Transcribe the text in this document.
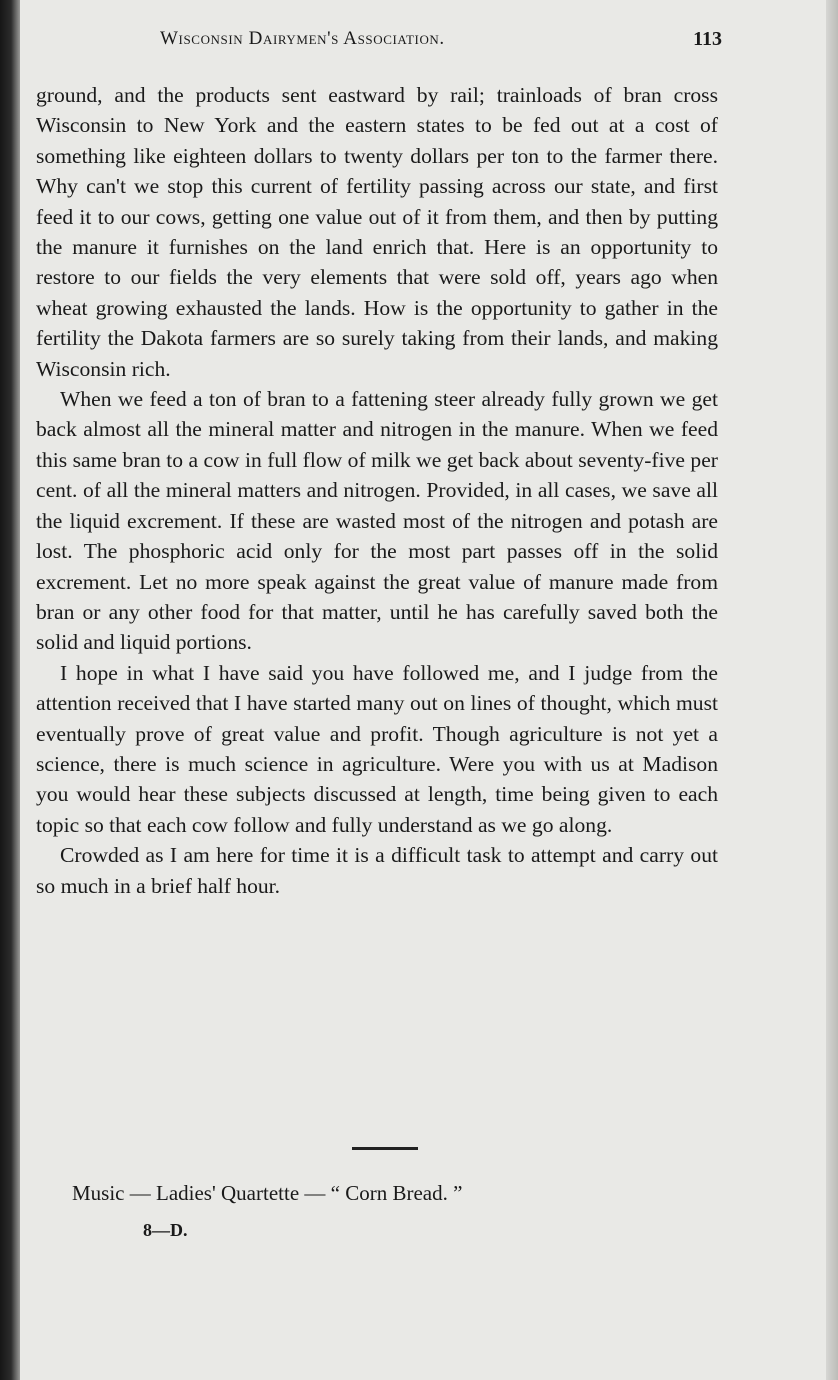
Wisconsin Dairymen's Association.	113

ground, and the products sent eastward by rail; trainloads of bran cross Wisconsin to New York and the eastern states to be fed out at a cost of something like eighteen dollars to twenty dollars per ton to the farmer there. Why can't we stop this current of fertility passing across our state, and first feed it to our cows, getting one value out of it from them, and then by putting the manure it furnishes on the land enrich that. Here is an opportunity to restore to our fields the very elements that were sold off, years ago when wheat growing exhausted the lands. How is the opportunity to gather in the fertility the Dakota farmers are so surely taking from their lands, and making Wisconsin rich.

When we feed a ton of bran to a fattening steer already fully grown we get back almost all the mineral matter and nitrogen in the manure. When we feed this same bran to a cow in full flow of milk we get back about seventy-five per cent. of all the mineral matters and nitrogen. Provided, in all cases, we save all the liquid excrement. If these are wasted most of the nitrogen and potash are lost. The phosphoric acid only for the most part passes off in the solid excrement. Let no more speak against the great value of manure made from bran or any other food for that matter, until he has carefully saved both the solid and liquid portions.

I hope in what I have said you have followed me, and I judge from the attention received that I have started many out on lines of thought, which must eventually prove of great value and profit. Though agriculture is not yet a science, there is much science in agriculture. Were you with us at Madison you would hear these subjects discussed at length, time being given to each topic so that each cow follow and fully understand as we go along.

Crowded as I am here for time it is a difficult task to attempt and carry out so much in a brief half hour.

Music — Ladies' Quartette — “ Corn Bread. ”
8—D.
